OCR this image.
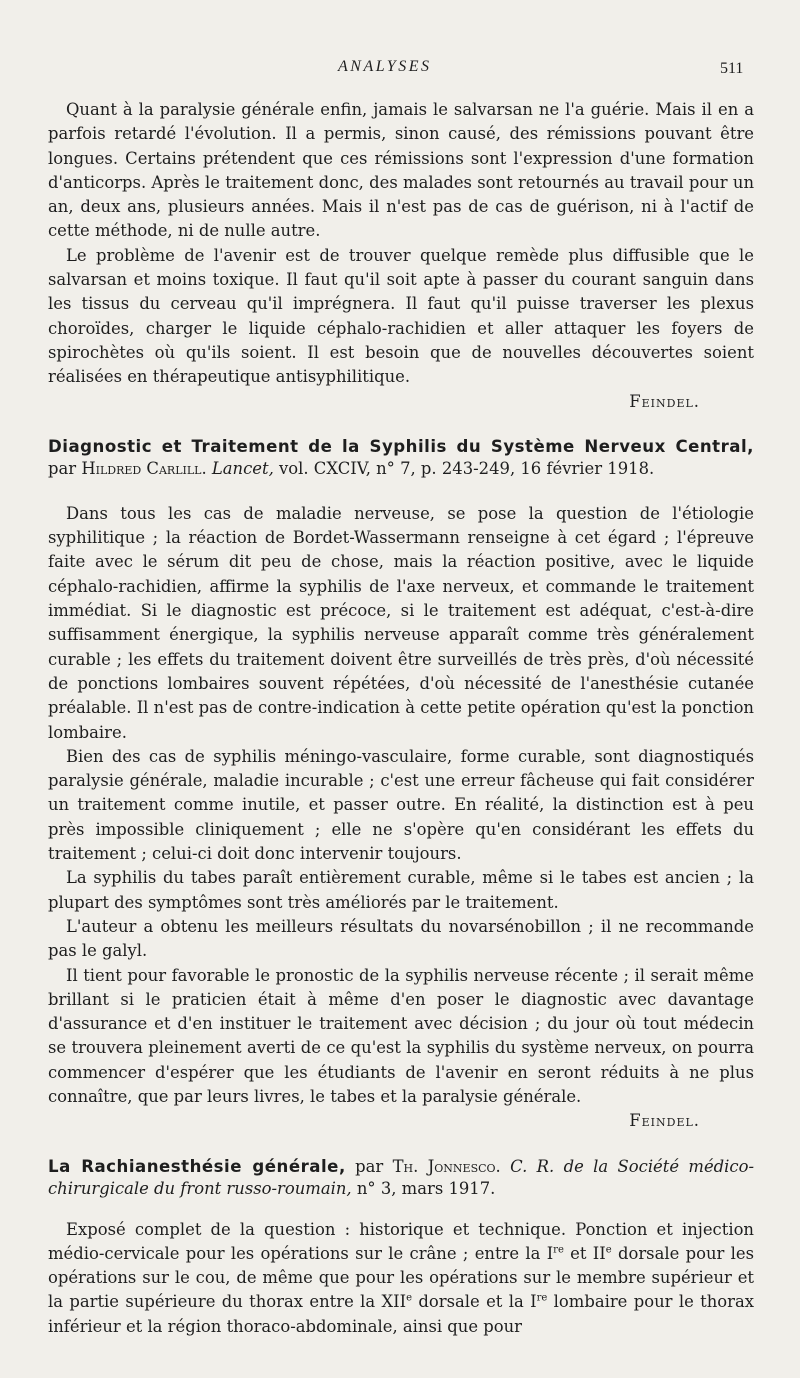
ANALYSES	511

Quant à la paralysie générale enfin, jamais le salvarsan ne l'a guérie. Mais il en a parfois retardé l'évolution. Il a permis, sinon causé, des rémissions pouvant être longues. Certains prétendent que ces rémissions sont l'expression d'une formation d'anticorps. Après le traitement donc, des malades sont retournés au travail pour un an, deux ans, plusieurs années. Mais il n'est pas de cas de guérison, ni à l'actif de cette méthode, ni de nulle autre.

Le problème de l'avenir est de trouver quelque remède plus diffusible que le salvarsan et moins toxique. Il faut qu'il soit apte à passer du courant sanguin dans les tissus du cerveau qu'il imprégnera. Il faut qu'il puisse traverser les plexus choroïdes, charger le liquide céphalo-rachidien et aller attaquer les foyers de spirochètes où qu'ils soient. Il est besoin que de nouvelles découvertes soient réalisées en thérapeutique antisyphilitique.

Feindel.

Diagnostic et Traitement de la Syphilis du Système Nerveux Central, par Hildred Carlill. Lancet, vol. CXCIV, n° 7, p. 243-249, 16 février 1918.

Dans tous les cas de maladie nerveuse, se pose la question de l'étiologie syphilitique ; la réaction de Bordet-Wassermann renseigne à cet égard ; l'épreuve faite avec le sérum dit peu de chose, mais la réaction positive, avec le liquide céphalo-rachidien, affirme la syphilis de l'axe nerveux, et commande le traitement immédiat. Si le diagnostic est précoce, si le traitement est adéquat, c'est-à-dire suffisamment énergique, la syphilis nerveuse apparaît comme très généralement curable ; les effets du traitement doivent être surveillés de très près, d'où nécessité de ponctions lombaires souvent répétées, d'où nécessité de l'anesthésie cutanée préalable. Il n'est pas de contre-indication à cette petite opération qu'est la ponction lombaire.

Bien des cas de syphilis méningo-vasculaire, forme curable, sont diagnostiqués paralysie générale, maladie incurable ; c'est une erreur fâcheuse qui fait considérer un traitement comme inutile, et passer outre. En réalité, la distinction est à peu près impossible cliniquement ; elle ne s'opère qu'en considérant les effets du traitement ; celui-ci doit donc intervenir toujours.

La syphilis du tabes paraît entièrement curable, même si le tabes est ancien ; la plupart des symptômes sont très améliorés par le traitement.

L'auteur a obtenu les meilleurs résultats du novarsénobillon ; il ne recommande pas le galyl.

Il tient pour favorable le pronostic de la syphilis nerveuse récente ; il serait même brillant si le praticien était à même d'en poser le diagnostic avec davantage d'assurance et d'en instituer le traitement avec décision ; du jour où tout médecin se trouvera pleinement averti de ce qu'est la syphilis du système nerveux, on pourra commencer d'espérer que les étudiants de l'avenir en seront réduits à ne plus connaître, que par leurs livres, le tabes et la paralysie générale.

Feindel.

La Rachianesthésie générale, par Th. Jonnesco. C. R. de la Société médico-chirurgicale du front russo-roumain, n° 3, mars 1917.

Exposé complet de la question : historique et technique. Ponction et injection médio-cervicale pour les opérations sur le crâne ; entre la Ire et IIe dorsale pour les opérations sur le cou, de même que pour les opérations sur le membre supérieur et la partie supérieure du thorax entre la XIIe dorsale et la Ire lombaire pour le thorax inférieur et la région thoraco-abdominale, ainsi que pour
